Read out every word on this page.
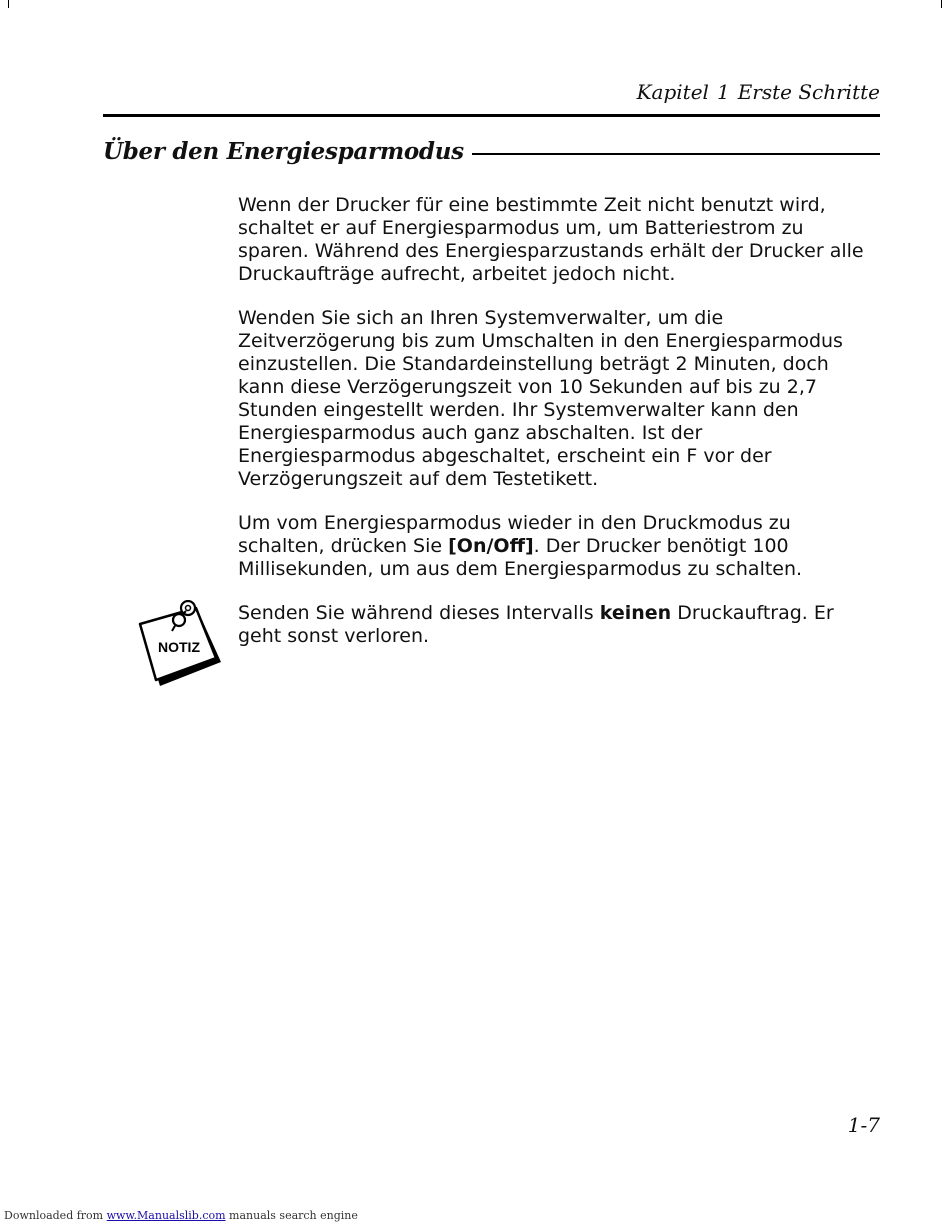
Kapitel 1 Erste Schritte
Über den Energiesparmodus

Wenn der Drucker für eine bestimmte Zeit nicht benutzt wird, schaltet er auf Energiesparmodus um, um Batteriestrom zu sparen. Während des Energiesparzustands erhält der Drucker alle Druckaufträge aufrecht, arbeitet jedoch nicht.

Wenden Sie sich an Ihren Systemverwalter, um die Zeitverzögerung bis zum Umschalten in den Energiesparmodus einzustellen. Die Standardeinstellung beträgt 2 Minuten, doch kann diese Verzögerungszeit von 10 Sekunden auf bis zu 2,7 Stunden eingestellt werden. Ihr Systemverwalter kann den Energiesparmodus auch ganz abschalten. Ist der Energiesparmodus abgeschaltet, erscheint ein F vor der Verzögerungszeit auf dem Testetikett.

Um vom Energiesparmodus wieder in den Druckmodus zu schalten, drücken Sie [On/Off]. Der Drucker benötigt 100 Millisekunden, um aus dem Energiesparmodus zu schalten.

Senden Sie während dieses Intervalls keinen Druckauftrag. Er geht sonst verloren.

NOTIZ
1-7
Downloaded from www.Manualslib.com manuals search engine
